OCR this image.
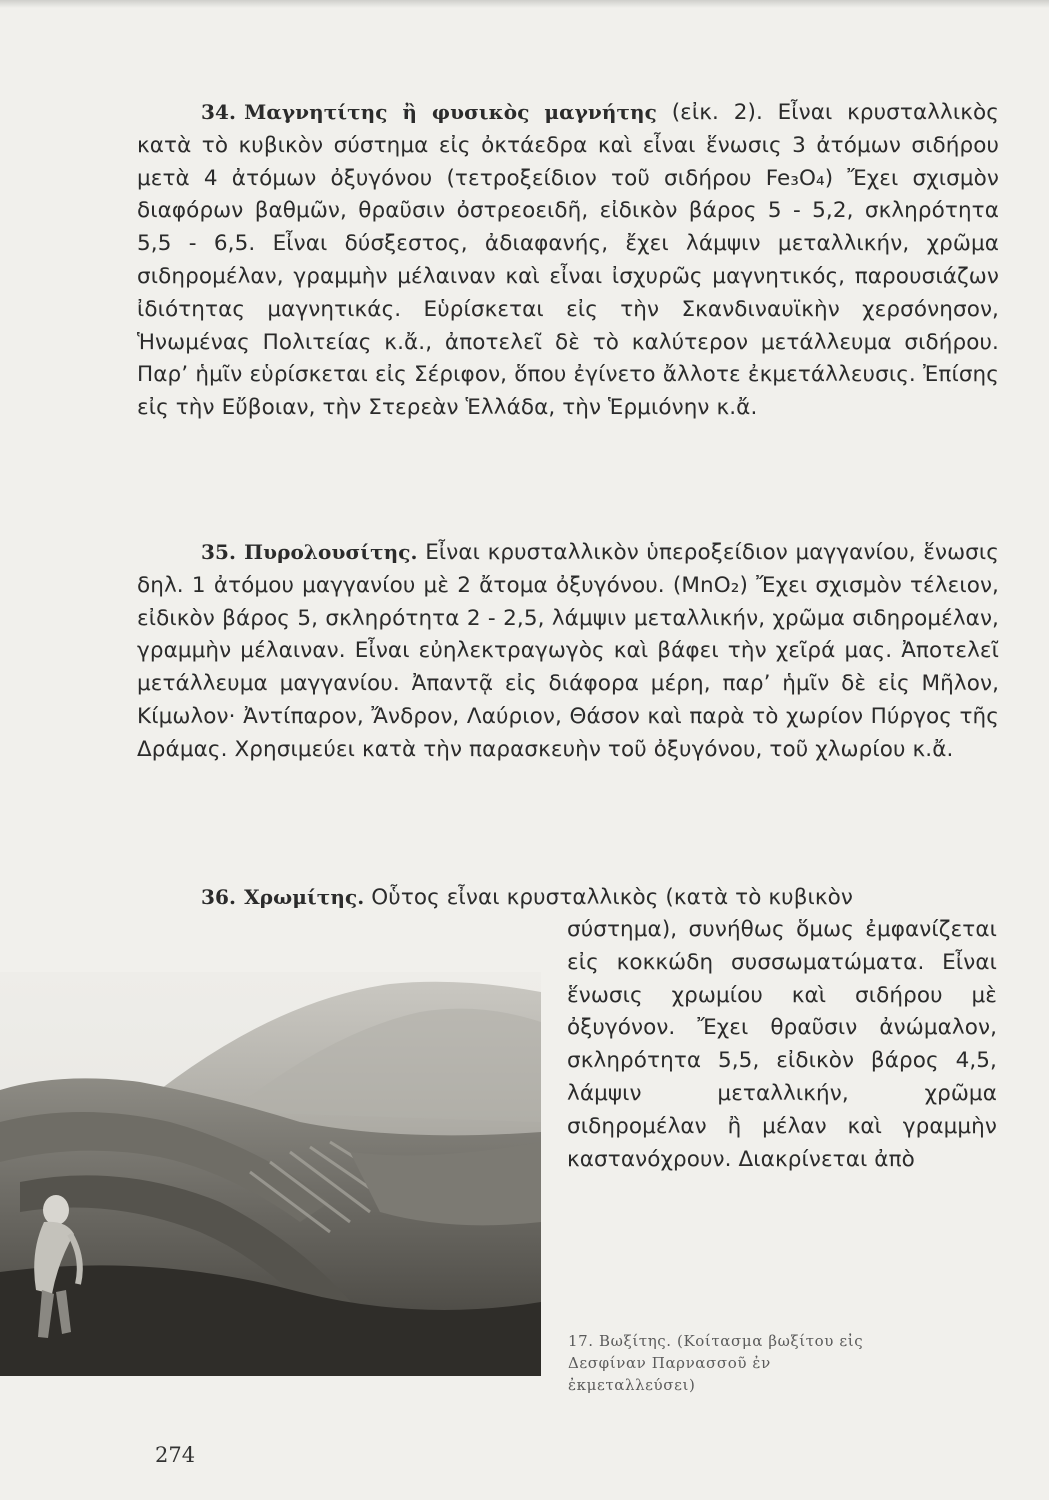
34. Μαγνητίτης ἢ φυσικὸς μαγνήτης (εἰκ. 2). Εἶναι κρυσταλλικὸς κατὰ τὸ κυβικὸν σύστημα εἰς ὀκτάεδρα καὶ εἶναι ἕνωσις 3 ἀτόμων σιδήρου μετὰ 4 ἀτόμων ὀξυγόνου (τετροξείδιον τοῦ σιδήρου Fe₃O₄) Ἔχει σχισμὸν διαφόρων βαθμῶν, θραῦσιν ὀστρεοειδῆ, εἰδικὸν βάρος 5 - 5,2, σκληρότητα 5,5 - 6,5. Εἶναι δύσξεστος, ἀδιαφανής, ἔχει λάμψιν μεταλλικήν, χρῶμα σιδηρομέλαν, γραμμὴν μέλαιναν καὶ εἶναι ἰσχυρῶς μαγνητικός, παρουσιάζων ἰδιότητας μαγνητικάς. Εὑρίσκεται εἰς τὴν Σκανδιναυϊκὴν χερσόνησον, Ἡνωμένας Πολιτείας κ.ἄ., ἀποτελεῖ δὲ τὸ καλύτερον μετάλλευμα σιδήρου. Παρ’ ἡμῖν εὑρίσκεται εἰς Σέριφον, ὅπου ἐγίνετο ἄλλοτε ἐκμετάλλευσις. Ἐπίσης εἰς τὴν Εὔβοιαν, τὴν Στερεὰν Ἑλλάδα, τὴν Ἑρμιόνην κ.ἄ.

35. Πυρολουσίτης. Εἶναι κρυσταλλικὸν ὑπεροξείδιον μαγγανίου, ἕνωσις δηλ. 1 ἀτόμου μαγγανίου μὲ 2 ἄτομα ὀξυγόνου. (MnO₂) Ἔχει σχισμὸν τέλειον, εἰδικὸν βάρος 5, σκληρότητα 2 - 2,5, λάμψιν μεταλλικήν, χρῶμα σιδηρομέλαν, γραμμὴν μέλαιναν. Εἶναι εὐηλεκτραγωγὸς καὶ βάφει τὴν χεῖρά μας. Ἀποτελεῖ μετάλλευμα μαγγανίου. Ἀπαντᾷ εἰς διάφορα μέρη, παρ’ ἡμῖν δὲ εἰς Μῆλον, Κίμωλον· Ἀντίπαρον, Ἄνδρον, Λαύριον, Θάσον καὶ παρὰ τὸ χωρίον Πύργος τῆς Δράμας. Χρησιμεύει κατὰ τὴν παρασκευὴν τοῦ ὀξυγόνου, τοῦ χλωρίου κ.ἄ.

36. Χρωμίτης. Οὗτος εἶναι κρυσταλλικὸς (κατὰ τὸ κυβικὸν

σύστημα), συνήθως ὅμως ἐμφανίζεται εἰς κοκκώδη συσσωματώματα. Εἶναι ἕνωσις χρωμίου καὶ σιδήρου μὲ ὀξυγόνον. Ἔχει θραῦσιν ἀνώμαλον, σκληρότητα 5,5, εἰδικὸν βάρος 4,5, λάμψιν μεταλλικήν, χρῶμα σιδηρομέλαν ἢ μέλαν καὶ γραμμὴν καστανόχρουν. Διακρίνεται ἀπὸ

17. Βωξίτης. (Κοίτασμα βωξίτου εἰς Δεσφίναν Παρνασσοῦ ἐν ἐκμεταλλεύσει)
274
